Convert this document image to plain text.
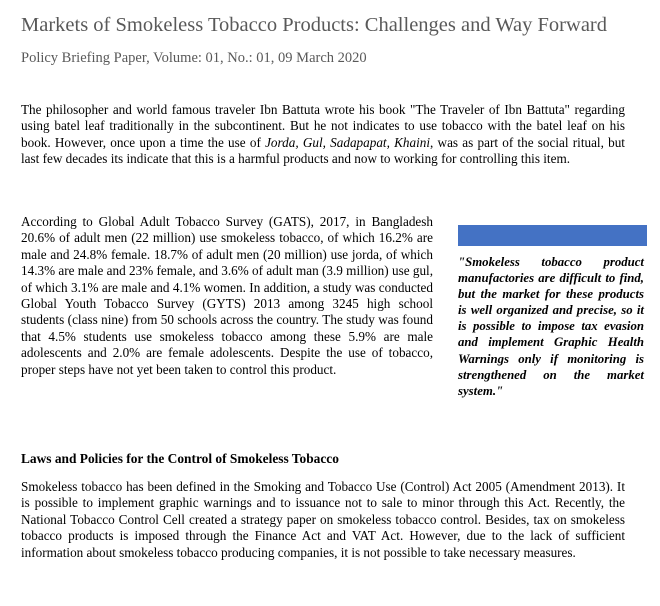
Markets of Smokeless Tobacco Products: Challenges and Way Forward
Policy Briefing Paper, Volume: 01, No.: 01, 09 March 2020

The philosopher and world famous traveler Ibn Battuta wrote his book "The Traveler of Ibn Battuta" regarding using batel leaf traditionally in the subcontinent. But he not indicates to use tobacco with the batel leaf on his book. However, once upon a time the use of Jorda, Gul, Sadapapat, Khaini, was as part of the social ritual, but last few decades its indicate that this is a harmful products and now to working for controlling this item.

According to Global Adult Tobacco Survey (GATS), 2017, in Bangladesh 20.6% of adult men (22 million) use smokeless tobacco, of which 16.2% are male and 24.8% female. 18.7% of adult men (20 million) use jorda, of which 14.3% are male and 23% female, and 3.6% of adult man (3.9 million) use gul, of which 3.1% are male and 4.1% women. In addition, a study was conducted Global Youth Tobacco Survey (GYTS) 2013 among 3245 high school students (class nine) from 50 schools across the country. The study was found that 4.5% students use smokeless tobacco among these 5.9% are male adolescents and 2.0% are female adolescents. Despite the use of tobacco, proper steps have not yet been taken to control this product.

"Smokeless tobacco product manufactories are difficult to find, but the market for these products is well organized and precise, so it is possible to impose tax evasion and implement Graphic Health Warnings only if monitoring is strengthened on the market system."

Laws and Policies for the Control of Smokeless Tobacco

Smokeless tobacco has been defined in the Smoking and Tobacco Use (Control) Act 2005 (Amendment 2013). It is possible to implement graphic warnings and to issuance not to sale to minor through this Act. Recently, the National Tobacco Control Cell created a strategy paper on smokeless tobacco control. Besides, tax on smokeless tobacco products is imposed through the Finance Act and VAT Act. However, due to the lack of sufficient information about smokeless tobacco producing companies, it is not possible to take necessary measures.
